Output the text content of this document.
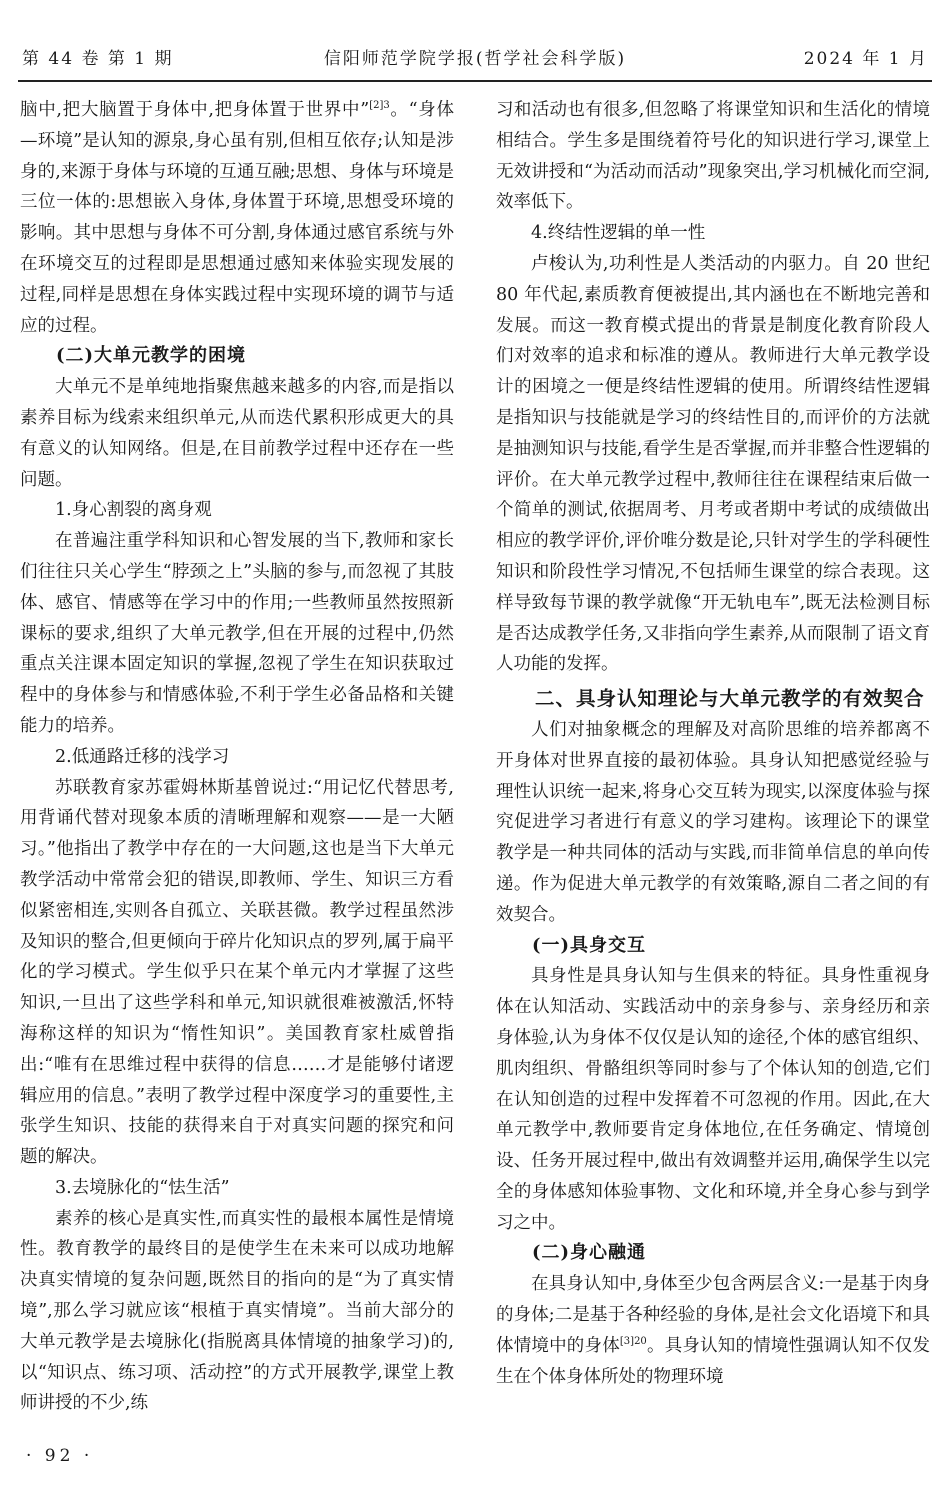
第 44 卷 第 1 期	信阳师范学院学报(哲学社会科学版)	2024 年 1 月

脑中,把大脑置于身体中,把身体置于世界中”$^{[2]3}$。“身体—环境”是认知的源泉,身心虽有别,但相互依存;认知是涉身的,来源于身体与环境的互通互融;思想、身体与环境是三位一体的:思想嵌入身体,身体置于环境,思想受环境的影响。其中思想与身体不可分割,身体通过感官系统与外在环境交互的过程即是思想通过感知来体验实现发展的过程,同样是思想在身体实践过程中实现环境的调节与适应的过程。

(二)大单元教学的困境

大单元不是单纯地指聚焦越来越多的内容,而是指以素养目标为线索来组织单元,从而迭代累积形成更大的具有意义的认知网络。但是,在目前教学过程中还存在一些问题。

1.身心割裂的离身观

在普遍注重学科知识和心智发展的当下,教师和家长们往往只关心学生“脖颈之上”头脑的参与,而忽视了其肢体、感官、情感等在学习中的作用;一些教师虽然按照新课标的要求,组织了大单元教学,但在开展的过程中,仍然重点关注课本固定知识的掌握,忽视了学生在知识获取过程中的身体参与和情感体验,不利于学生必备品格和关键能力的培养。

2.低通路迁移的浅学习

苏联教育家苏霍姆林斯基曾说过:“用记忆代替思考,用背诵代替对现象本质的清晰理解和观察——是一大陋习。”他指出了教学中存在的一大问题,这也是当下大单元教学活动中常常会犯的错误,即教师、学生、知识三方看似紧密相连,实则各自孤立、关联甚微。教学过程虽然涉及知识的整合,但更倾向于碎片化知识点的罗列,属于扁平化的学习模式。学生似乎只在某个单元内才掌握了这些知识,一旦出了这些学科和单元,知识就很难被激活,怀特海称这样的知识为“惰性知识”。美国教育家杜威曾指出:“唯有在思维过程中获得的信息……才是能够付诸逻辑应用的信息。”表明了教学过程中深度学习的重要性,主张学生知识、技能的获得来自于对真实问题的探究和问题的解决。

3.去境脉化的“怯生活”

素养的核心是真实性,而真实性的最根本属性是情境性。教育教学的最终目的是使学生在未来可以成功地解决真实情境的复杂问题,既然目的指向的是“为了真实情境”,那么学习就应该“根植于真实情境”。当前大部分的大单元教学是去境脉化(指脱离具体情境的抽象学习)的,以“知识点、练习项、活动控”的方式开展教学,课堂上教师讲授的不少,练

习和活动也有很多,但忽略了将课堂知识和生活化的情境相结合。学生多是围绕着符号化的知识进行学习,课堂上无效讲授和“为活动而活动”现象突出,学习机械化而空洞,效率低下。

4.终结性逻辑的单一性

卢梭认为,功利性是人类活动的内驱力。自 20 世纪 80 年代起,素质教育便被提出,其内涵也在不断地完善和发展。而这一教育模式提出的背景是制度化教育阶段人们对效率的追求和标准的遵从。教师进行大单元教学设计的困境之一便是终结性逻辑的使用。所谓终结性逻辑是指知识与技能就是学习的终结性目的,而评价的方法就是抽测知识与技能,看学生是否掌握,而并非整合性逻辑的评价。在大单元教学过程中,教师往往在课程结束后做一个简单的测试,依据周考、月考或者期中考试的成绩做出相应的教学评价,评价唯分数是论,只针对学生的学科硬性知识和阶段性学习情况,不包括师生课堂的综合表现。这样导致每节课的教学就像“开无轨电车”,既无法检测目标是否达成教学任务,又非指向学生素养,从而限制了语文育人功能的发挥。

二、具身认知理论与大单元教学的有效契合

人们对抽象概念的理解及对高阶思维的培养都离不开身体对世界直接的最初体验。具身认知把感觉经验与理性认识统一起来,将身心交互转为现实,以深度体验与探究促进学习者进行有意义的学习建构。该理论下的课堂教学是一种共同体的活动与实践,而非简单信息的单向传递。作为促进大单元教学的有效策略,源自二者之间的有效契合。

(一)具身交互

具身性是具身认知与生俱来的特征。具身性重视身体在认知活动、实践活动中的亲身参与、亲身经历和亲身体验,认为身体不仅仅是认知的途径,个体的感官组织、肌肉组织、骨骼组织等同时参与了个体认知的创造,它们在认知创造的过程中发挥着不可忽视的作用。因此,在大单元教学中,教师要肯定身体地位,在任务确定、情境创设、任务开展过程中,做出有效调整并运用,确保学生以完全的身体感知体验事物、文化和环境,并全身心参与到学习之中。

(二)身心融通

在具身认知中,身体至少包含两层含义:一是基于肉身的身体;二是基于各种经验的身体,是社会文化语境下和具体情境中的身体$^{[3]20}$。具身认知的情境性强调认知不仅发生在个体身体所处的物理环境

· 92 ·
